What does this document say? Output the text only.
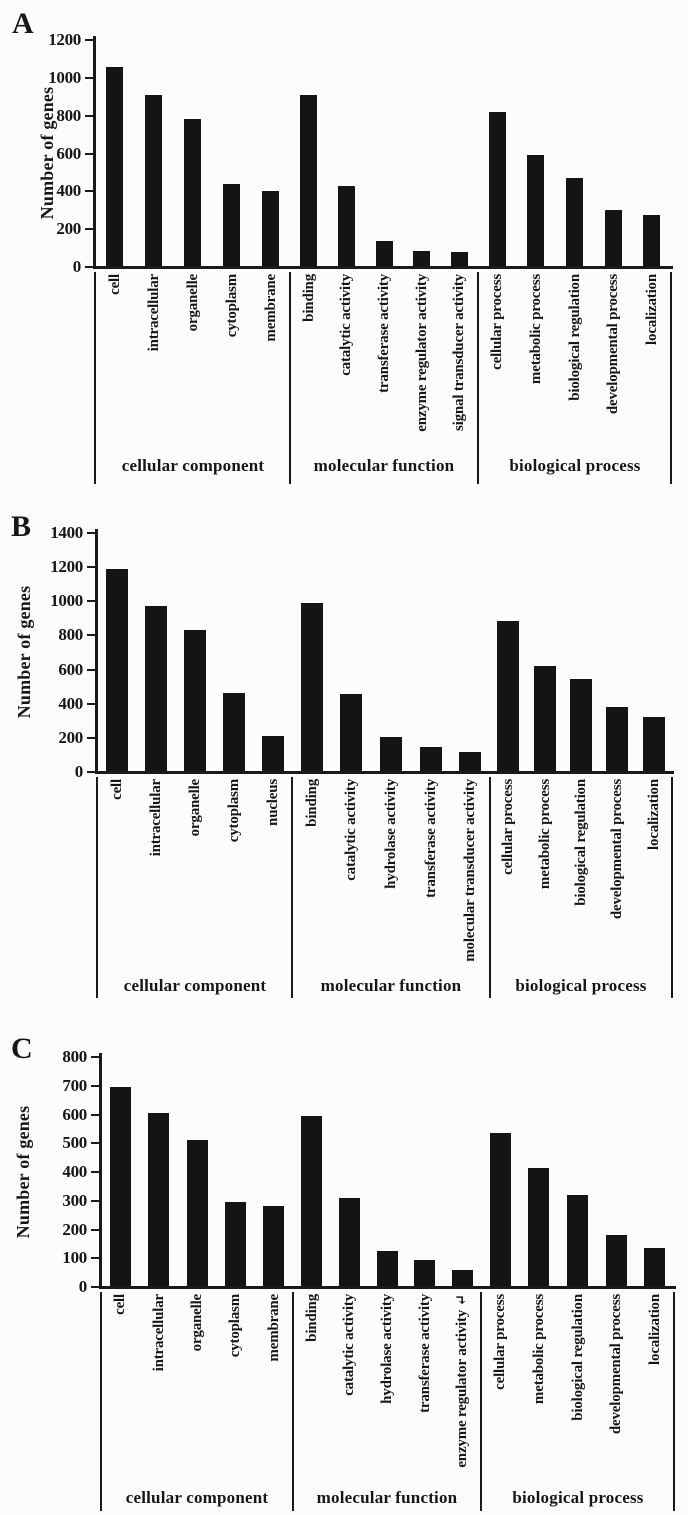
A
Number of genes
0
200
400
600
800
1000
1200
cell intracellular organelle cytoplasm membrane
cellular component
binding catalytic activity transferase activity enzyme regulator activity signal transducer activity
molecular function
cellular process metabolic process biological regulation developmental process localization
biological process
B
Number of genes
0
200
400
600
800
1000
1200
1400
cell intracellular organelle cytoplasm nucleus
cellular component
binding catalytic activity hydrolase activity transferase activity molecular transducer activity
molecular function
cellular process metabolic process biological regulation developmental process localization
biological process
C
Number of genes
0
100
200
300
400
500
600
700
800
cell intracellular organelle cytoplasm membrane
cellular component
binding catalytic activity hydrolase activity transferase activity enzyme regulator activity ↵
molecular function
cellular process metabolic process biological regulation developmental process localization
biological process
